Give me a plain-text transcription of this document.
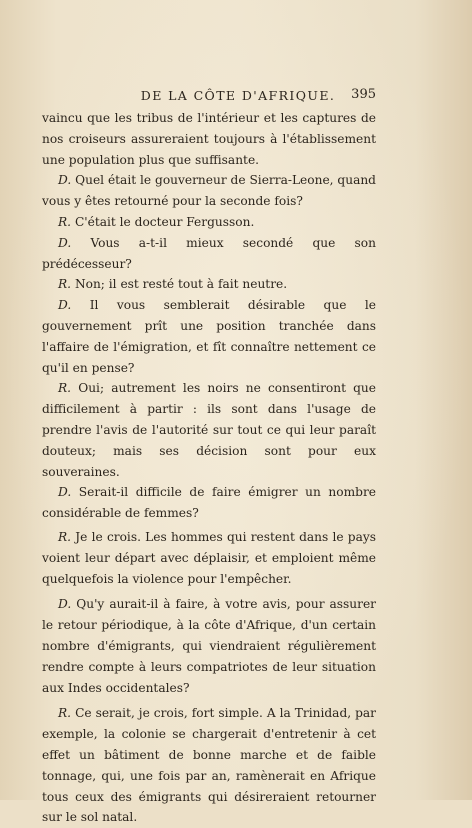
DE LA CÔTE D'AFRIQUE.	395

vaincu que les tribus de l'intérieur et les captures de nos croiseurs assureraient toujours à l'établissement une population plus que suffisante.

D. Quel était le gouverneur de Sierra-Leone, quand vous y êtes retourné pour la seconde fois?

R. C'était le docteur Fergusson.

D. Vous a-t-il mieux secondé que son prédécesseur?

R. Non; il est resté tout à fait neutre.

D. Il vous semblerait désirable que le gouvernement prît une position tranchée dans l'affaire de l'émigration, et fît connaître nettement ce qu'il en pense?

R. Oui; autrement les noirs ne consentiront que difficilement à partir : ils sont dans l'usage de prendre l'avis de l'autorité sur tout ce qui leur paraît douteux; mais ses décision sont pour eux souveraines.

D. Serait-il difficile de faire émigrer un nombre considérable de femmes?

R. Je le crois. Les hommes qui restent dans le pays voient leur départ avec déplaisir, et emploient même quelquefois la violence pour l'empêcher.

D. Qu'y aurait-il à faire, à votre avis, pour assurer le retour périodique, à la côte d'Afrique, d'un certain nombre d'émigrants, qui viendraient régulièrement rendre compte à leurs compatriotes de leur situation aux Indes occidentales?

R. Ce serait, je crois, fort simple. A la Trinidad, par exemple, la colonie se chargerait d'entretenir à cet effet un bâtiment de bonne marche et de faible tonnage, qui, une fois par an, ramènerait en Afrique tous ceux des émigrants qui désireraient retourner sur le sol natal.
